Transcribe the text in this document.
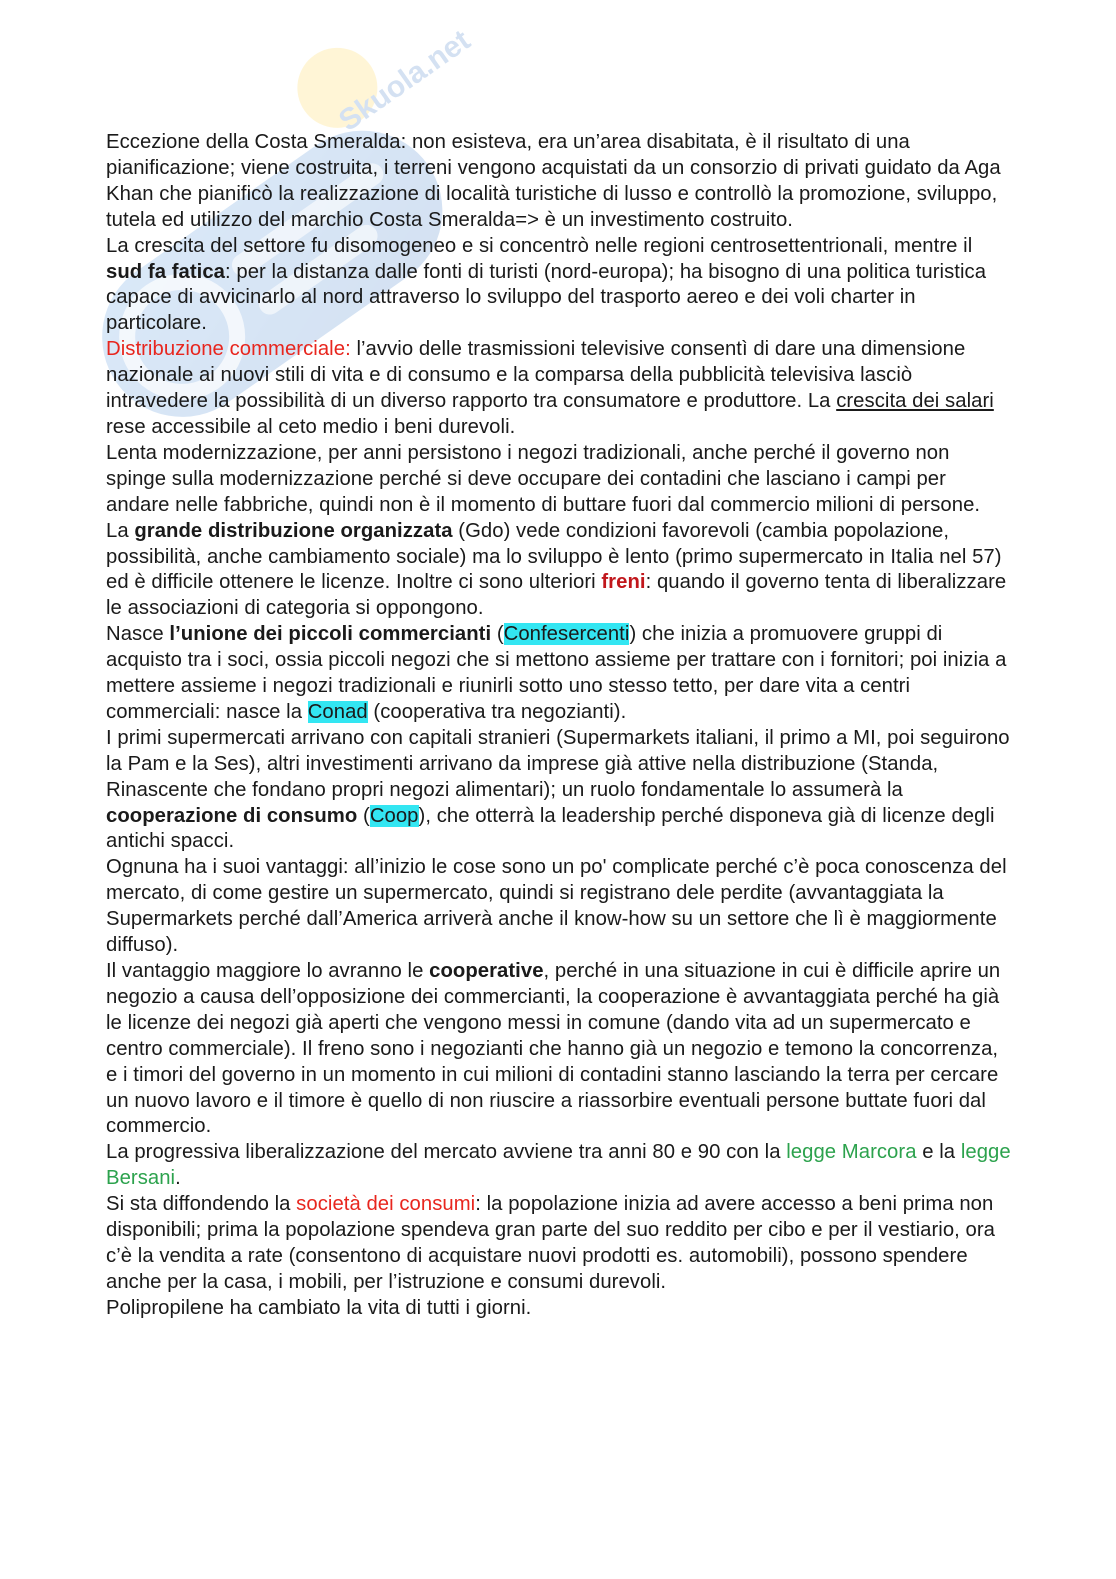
Skuola.net

Eccezione della Costa Smeralda: non esisteva, era un’area disabitata, è il risultato di una pianificazione; viene costruita, i terreni vengono acquistati da un consorzio di privati guidato da Aga Khan che pianificò la realizzazione di località turistiche di lusso e controllò la promozione, sviluppo, tutela ed utilizzo del marchio Costa Smeralda=> è un investimento costruito.

La crescita del settore fu disomogeneo e si concentrò nelle regioni centrosettentrionali, mentre il sud fa fatica: per la distanza dalle fonti di turisti (nord-europa); ha bisogno di una politica turistica capace di avvicinarlo al nord attraverso lo sviluppo del trasporto aereo e dei voli charter in particolare.

Distribuzione commerciale: l’avvio delle trasmissioni televisive consentì di dare una dimensione nazionale ai nuovi stili di vita e di consumo e la comparsa della pubblicità televisiva lasciò intravedere la possibilità di un diverso rapporto tra consumatore e produttore. La crescita dei salari rese accessibile al ceto medio i beni durevoli.

Lenta modernizzazione, per anni persistono i negozi tradizionali, anche perché il governo non spinge sulla modernizzazione perché si deve occupare dei contadini che lasciano i campi per andare nelle fabbriche, quindi non è il momento di buttare fuori dal commercio milioni di persone.

La grande distribuzione organizzata (Gdo) vede condizioni favorevoli (cambia popolazione, possibilità, anche cambiamento sociale) ma lo sviluppo è lento (primo supermercato in Italia nel 57) ed è difficile ottenere le licenze. Inoltre ci sono ulteriori freni: quando il governo tenta di liberalizzare le associazioni di categoria si oppongono.

Nasce l’unione dei piccoli commercianti (Confesercenti) che inizia a promuovere gruppi di acquisto tra i soci, ossia piccoli negozi che si mettono assieme per trattare con i fornitori; poi inizia a mettere assieme i negozi tradizionali e riunirli sotto uno stesso tetto, per dare vita a centri commerciali: nasce la Conad (cooperativa tra negozianti).

I primi supermercati arrivano con capitali stranieri (Supermarkets italiani, il primo a MI, poi seguirono la Pam e la Ses), altri investimenti arrivano da imprese già attive nella distribuzione (Standa, Rinascente che fondano propri negozi alimentari); un ruolo fondamentale lo assumerà la cooperazione di consumo (Coop), che otterrà la leadership perché disponeva già di licenze degli antichi spacci.

Ognuna ha i suoi vantaggi: all’inizio le cose sono un po' complicate perché c’è poca conoscenza del mercato, di come gestire un supermercato, quindi si registrano dele perdite (avvantaggiata la Supermarkets perché dall’America arriverà anche il know-how su un settore che lì è maggiormente diffuso).

Il vantaggio maggiore lo avranno le cooperative, perché in una situazione in cui è difficile aprire un negozio a causa dell’opposizione dei commercianti, la cooperazione è avvantaggiata perché ha già le licenze dei negozi già aperti che vengono messi in comune (dando vita ad un supermercato e centro commerciale). Il freno sono i negozianti che hanno già un negozio e temono la concorrenza, e i timori del governo in un momento in cui milioni di contadini stanno lasciando la terra per cercare un nuovo lavoro e il timore è quello di non riuscire a riassorbire eventuali persone buttate fuori dal commercio.

La progressiva liberalizzazione del mercato avviene tra anni 80 e 90 con la legge Marcora e la legge Bersani.

Si sta diffondendo la società dei consumi: la popolazione inizia ad avere accesso a beni prima non disponibili; prima la popolazione spendeva gran parte del suo reddito per cibo e per il vestiario, ora c’è la vendita a rate (consentono di acquistare nuovi prodotti es. automobili), possono spendere anche per la casa, i mobili, per l’istruzione e consumi durevoli.

Polipropilene ha cambiato la vita di tutti i giorni.
